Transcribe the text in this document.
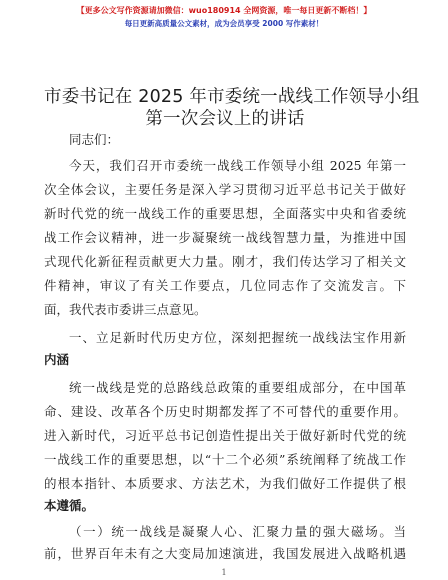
【更多公文写作资源请加微信：wuo180914 全网资源，唯一每日更新不断档！】
每日更新高质量公文素材，成为会员享受 2000 写作素材！
市委书记在 2025 年市委统一战线工作领导小组
第一次会议上的讲话
同志们：
今天，我们召开市委统一战线工作领导小组 2025 年第一
次全体会议，主要任务是深入学习贯彻习近平总书记关于做好
新时代党的统一战线工作的重要思想，全面落实中央和省委统
战工作会议精神，进一步凝聚统一战线智慧力量，为推进中国
式现代化新征程贡献更大力量。刚才，我们传达学习了相关文
件精神，审议了有关工作要点，几位同志作了交流发言。下
面，我代表市委讲三点意见。
一、立足新时代历史方位，深刻把握统一战线法宝作用新
内涵
统一战线是党的总路线总政策的重要组成部分，在中国革
命、建设、改革各个历史时期都发挥了不可替代的重要作用。
进入新时代，习近平总书记创造性提出关于做好新时代党的统
一战线工作的重要思想，以“十二个必须”系统阐释了统战工作
的根本指针、本质要求、方法艺术，为我们做好工作提供了根
本遵循。
（一）统一战线是凝聚人心、汇聚力量的强大磁场。当
前，世界百年未有之大变局加速演进，我国发展进入战略机遇
1
